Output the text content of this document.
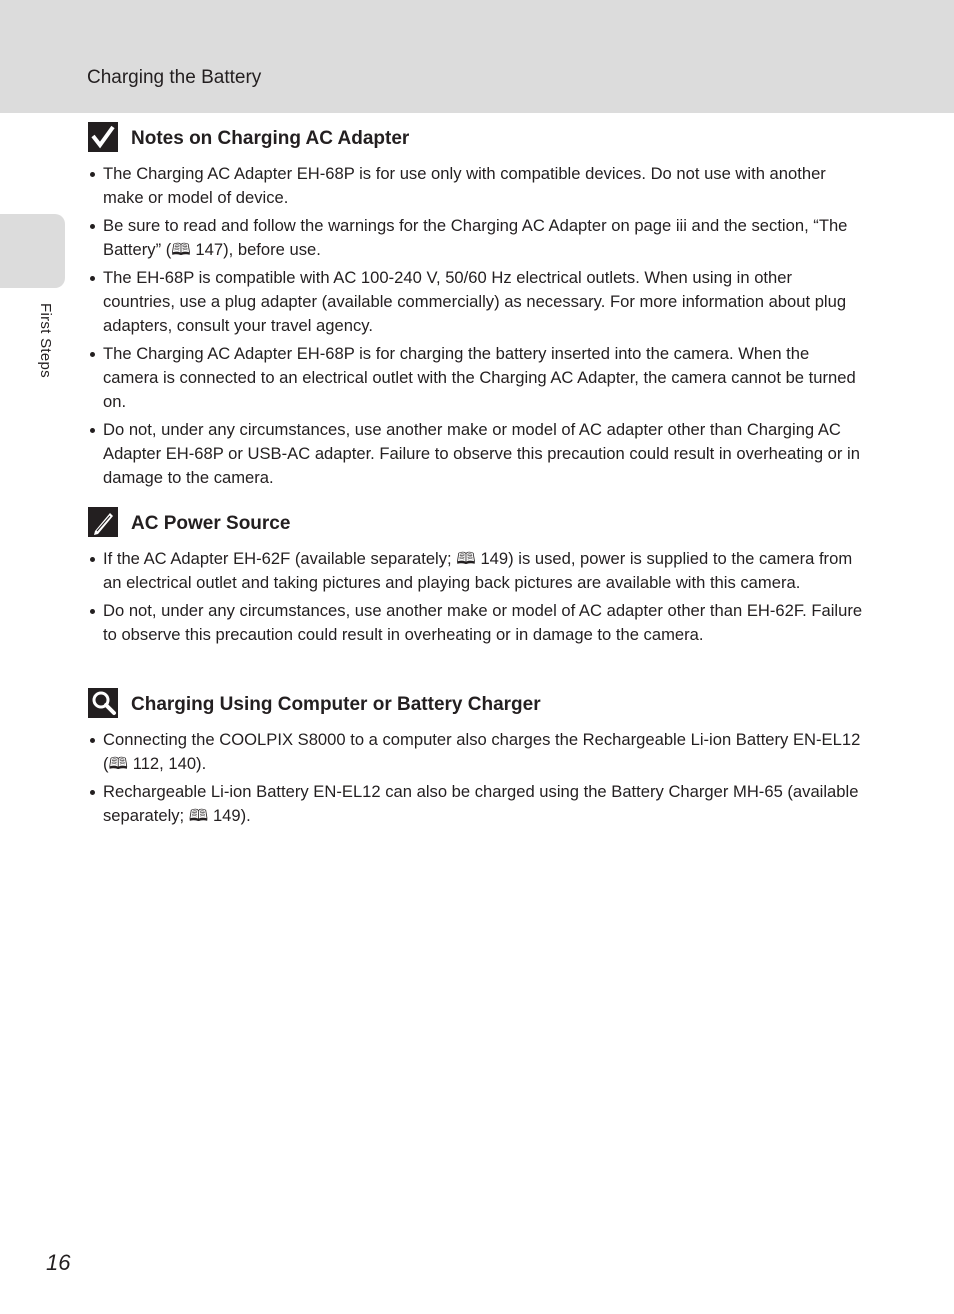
Charging the Battery
First Steps
Notes on Charging AC Adapter
The Charging AC Adapter EH-68P is for use only with compatible devices. Do not use with another make or model of device.
Be sure to read and follow the warnings for the Charging AC Adapter on page iii and the section, “The Battery” (🕮 147), before use.
The EH-68P is compatible with AC 100-240 V, 50/60 Hz electrical outlets. When using in other countries, use a plug adapter (available commercially) as necessary. For more information about plug adapters, consult your travel agency.
The Charging AC Adapter EH-68P is for charging the battery inserted into the camera. When the camera is connected to an electrical outlet with the Charging AC Adapter, the camera cannot be turned on.
Do not, under any circumstances, use another make or model of AC adapter other than Charging AC Adapter EH-68P or USB-AC adapter. Failure to observe this precaution could result in overheating or in damage to the camera.
AC Power Source
If the AC Adapter EH-62F (available separately; 🕮 149) is used, power is supplied to the camera from an electrical outlet and taking pictures and playing back pictures are available with this camera.
Do not, under any circumstances, use another make or model of AC adapter other than EH-62F. Failure to observe this precaution could result in overheating or in damage to the camera.
Charging Using Computer or Battery Charger
Connecting the COOLPIX S8000 to a computer also charges the Rechargeable Li-ion Battery EN-EL12 (🕮 112, 140).
Rechargeable Li-ion Battery EN-EL12 can also be charged using the Battery Charger MH-65 (available separately; 🕮 149).
16
